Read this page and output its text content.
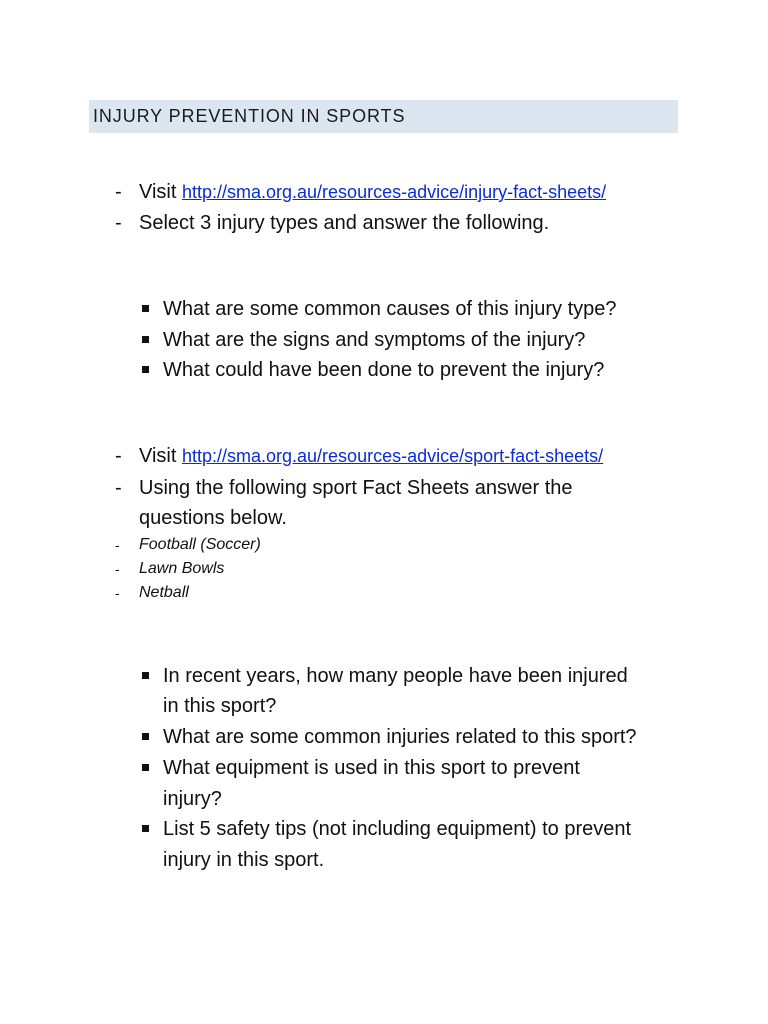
INJURY PREVENTION IN SPORTS
- Visit http://sma.org.au/resources-advice/injury-fact-sheets/
- Select 3 injury types and answer the following.
What are some common causes of this injury type?
What are the signs and symptoms of the injury?
What could have been done to prevent the injury?
- Visit http://sma.org.au/resources-advice/sport-fact-sheets/
- Using the following sport Fact Sheets answer the
questions below.
- Football (Soccer)
- Lawn Bowls
- Netball
In recent years, how many people have been injured
in this sport?
What are some common injuries related to this sport?
What equipment is used in this sport to prevent
injury?
List 5 safety tips (not including equipment) to prevent
injury in this sport.
